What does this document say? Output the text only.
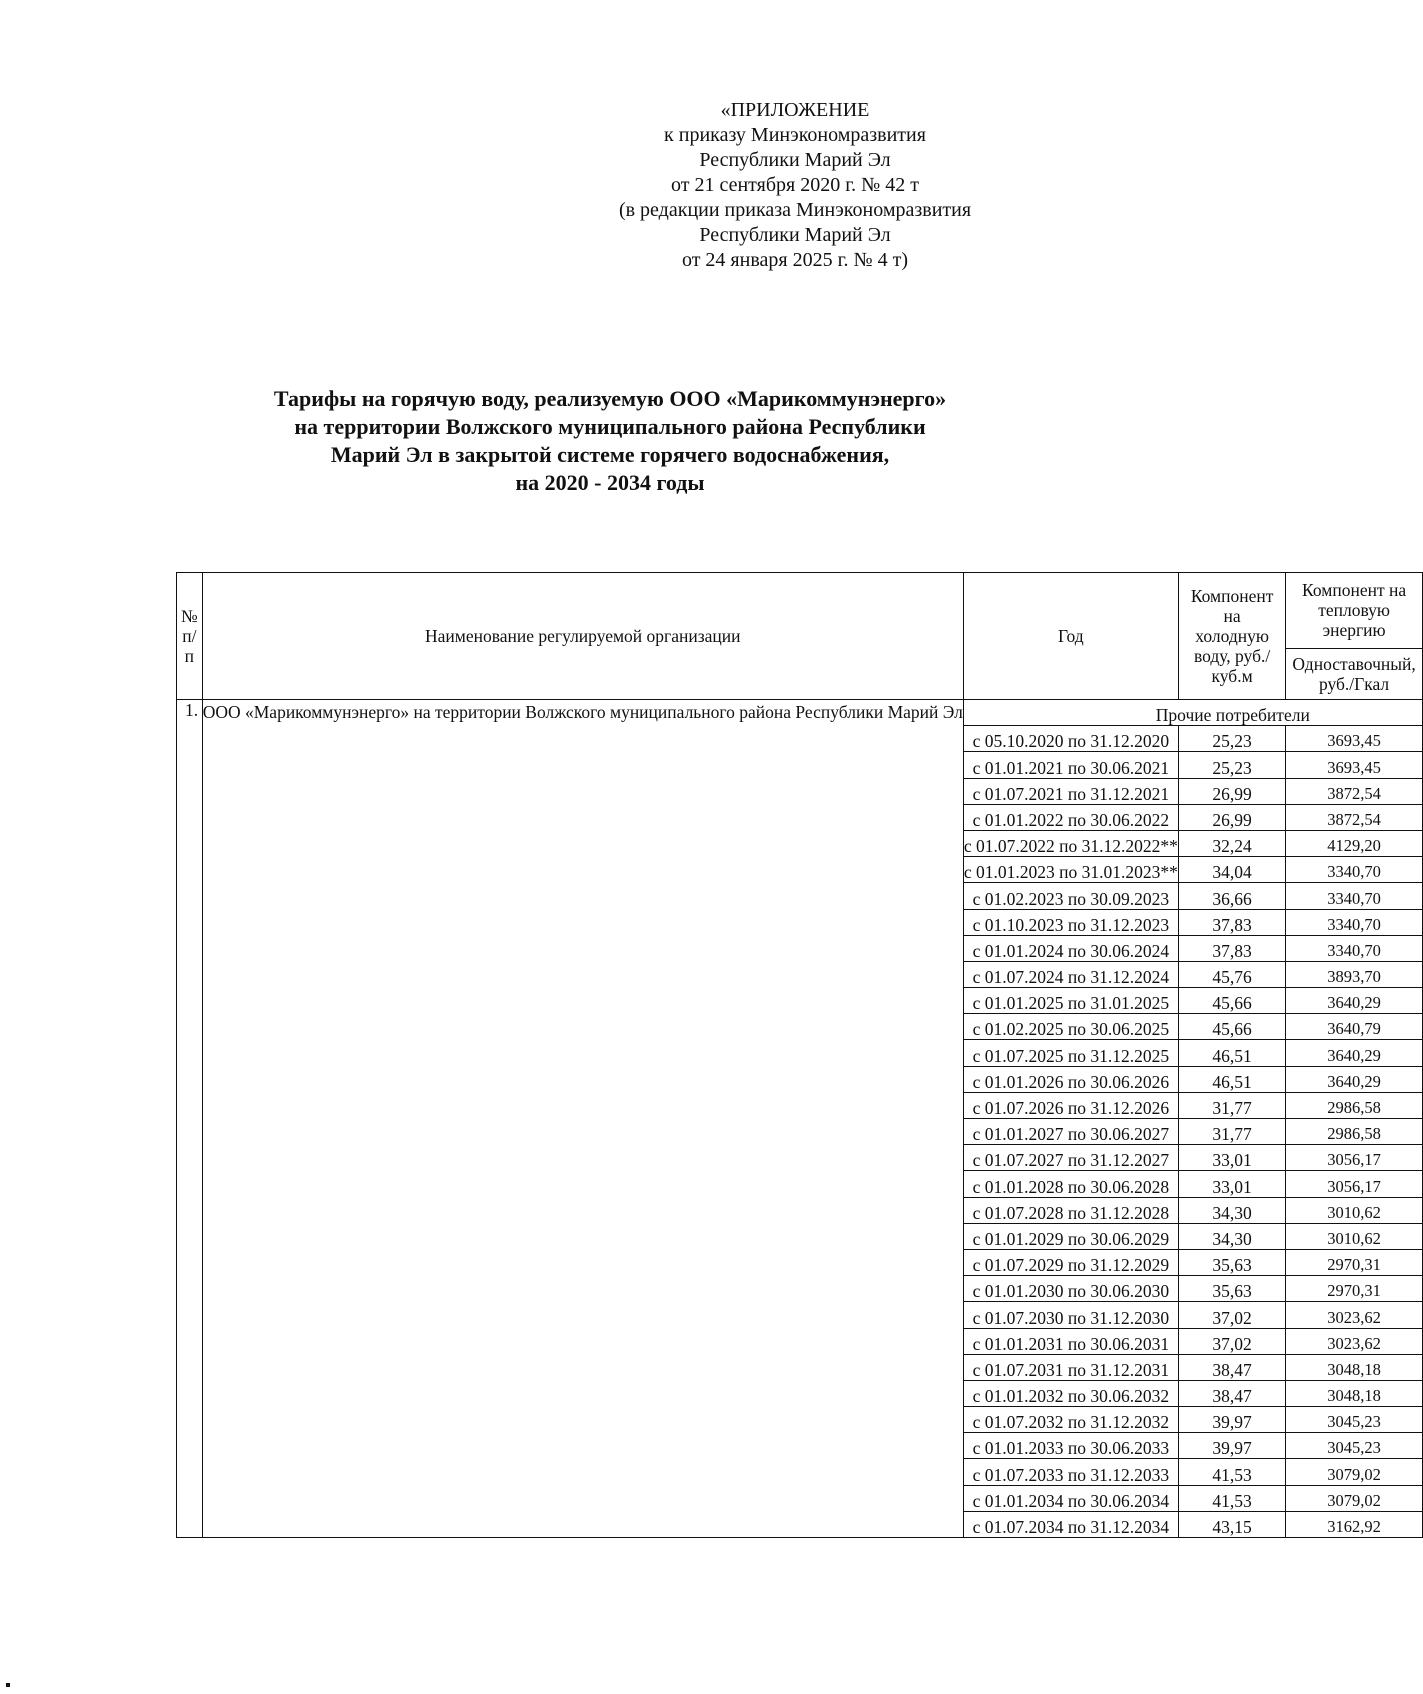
«ПРИЛОЖЕНИЕ
к приказу Минэкономразвития
Республики Марий Эл
от 21 сентября 2020 г. № 42 т
(в редакции приказа Минэкономразвития
Республики Марий Эл
от 24 января 2025 г. № 4 т)
Тарифы на горячую воду, реализуемую ООО «Марикоммунэнерго»
на территории Волжского муниципального района Республики
Марий Эл в закрытой системе горячего водоснабжения,
на 2020 - 2034 годы
№ п/п	Наименование регулируемой организации	Год	Компонент на холодную воду, руб./куб.м	Компонент на тепловую энергию
				Одноставочный, руб./Гкал
1.	ООО «Марикоммунэнерго» на территории Волжского муниципального района Республики Марий Эл	Прочие потребители		
		с 05.10.2020 по 31.12.2020	25,23	3693,45
		с 01.01.2021 по 30.06.2021	25,23	3693,45
		с 01.07.2021 по 31.12.2021	26,99	3872,54
		с 01.01.2022 по 30.06.2022	26,99	3872,54
		с 01.07.2022 по 31.12.2022**	32,24	4129,20
		с 01.01.2023 по 31.01.2023**	34,04	3340,70
		с 01.02.2023 по 30.09.2023	36,66	3340,70
		с 01.10.2023 по 31.12.2023	37,83	3340,70
		с 01.01.2024 по 30.06.2024	37,83	3340,70
		с 01.07.2024 по 31.12.2024	45,76	3893,70
		с 01.01.2025 по 31.01.2025	45,66	3640,29
		с 01.02.2025 по 30.06.2025	45,66	3640,79
		с 01.07.2025 по 31.12.2025	46,51	3640,29
		с 01.01.2026 по 30.06.2026	46,51	3640,29
		с 01.07.2026 по 31.12.2026	31,77	2986,58
		с 01.01.2027 по 30.06.2027	31,77	2986,58
		с 01.07.2027 по 31.12.2027	33,01	3056,17
		с 01.01.2028 по 30.06.2028	33,01	3056,17
		с 01.07.2028 по 31.12.2028	34,30	3010,62
		с 01.01.2029 по 30.06.2029	34,30	3010,62
		с 01.07.2029 по 31.12.2029	35,63	2970,31
		с 01.01.2030 по 30.06.2030	35,63	2970,31
		с 01.07.2030 по 31.12.2030	37,02	3023,62
		с 01.01.2031 по 30.06.2031	37,02	3023,62
		с 01.07.2031 по 31.12.2031	38,47	3048,18
		с 01.01.2032 по 30.06.2032	38,47	3048,18
		с 01.07.2032 по 31.12.2032	39,97	3045,23
		с 01.01.2033 по 30.06.2033	39,97	3045,23
		с 01.07.2033 по 31.12.2033	41,53	3079,02
		с 01.01.2034 по 30.06.2034	41,53	3079,02
		с 01.07.2034 по 31.12.2034	43,15	3162,92
